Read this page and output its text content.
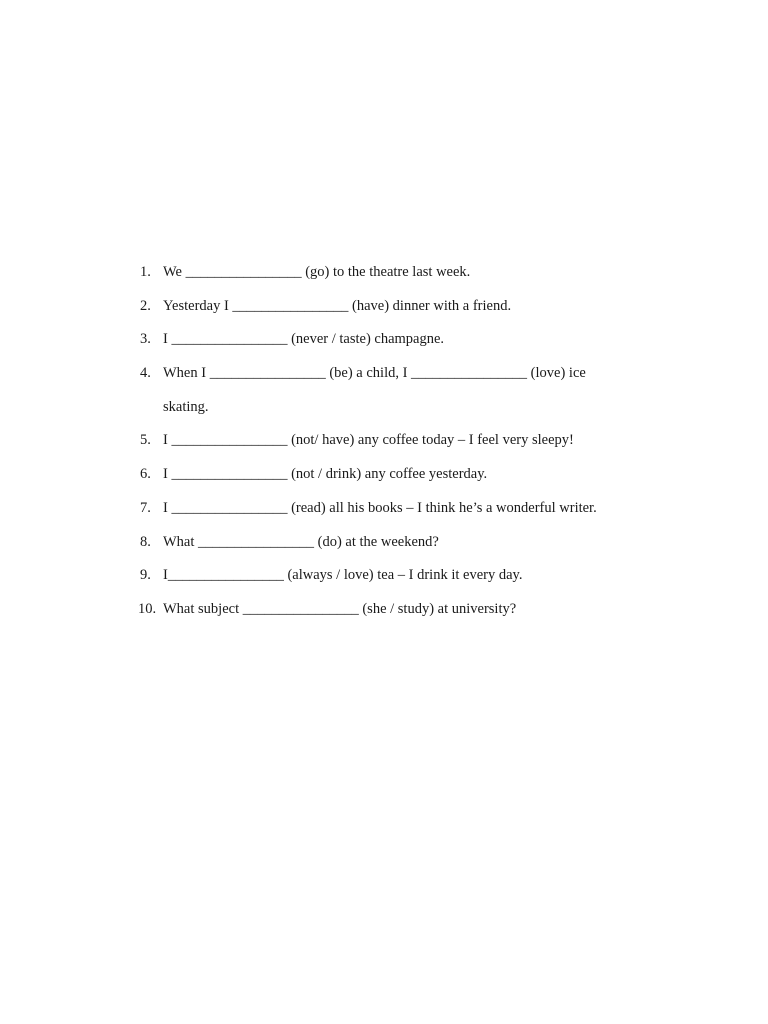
1. We ________________ (go) to the theatre last week.
2. Yesterday I ________________ (have) dinner with a friend.
3. I ________________ (never / taste) champagne.
4. When I ________________ (be) a child, I ________________ (love) ice
skating.
5. I ________________ (not/ have) any coffee today – I feel very sleepy!
6. I ________________ (not / drink) any coffee yesterday.
7. I ________________ (read) all his books – I think he’s a wonderful writer.
8. What ________________ (do) at the weekend?
9. I________________ (always / love) tea – I drink it every day.
10. What subject ________________ (she / study) at university?
